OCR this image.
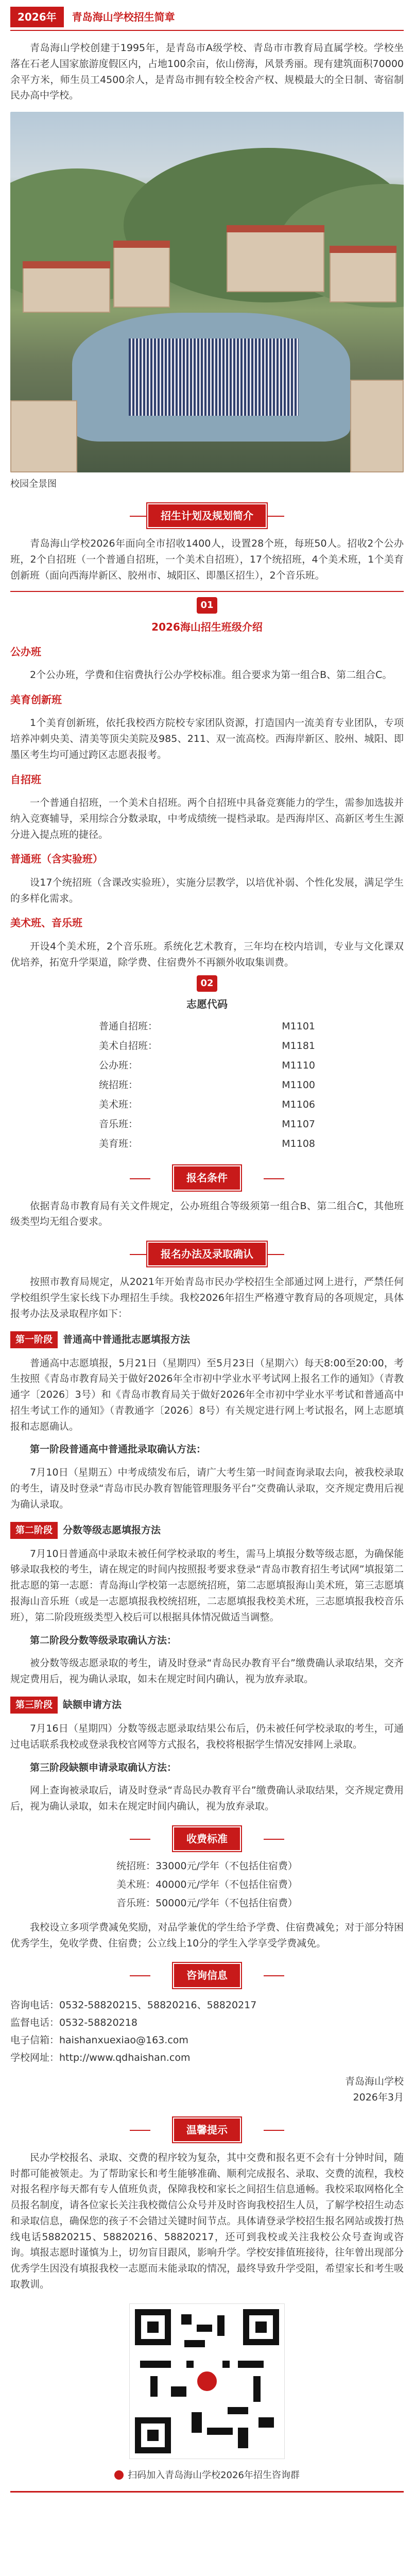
2026年	青岛海山学校招生简章

青岛海山学校创建于1995年，是青岛市A级学校、青岛市市教育局直属学校。学校坐落在石老人国家旅游度假区内，占地100余亩，依山傍海，风景秀丽。现有建筑面积70000余平方米，师生员工4500余人，是青岛市拥有较全校舍产权、规模最大的全日制、寄宿制民办高中学校。

校园全景图

招生计划及规划简介

青岛海山学校2026年面向全市招收1400人，设置28个班，每班50人。招收2个公办班，2个自招班（一个普通自招班，一个美术自招班），17个统招班，4个美术班，1个美育创新班（面向西海岸新区、胶州市、城阳区、即墨区招生），2个音乐班。

01

2026海山招生班级介绍

公办班

2个公办班，学费和住宿费执行公办学校标准。组合要求为第一组合B、第二组合C。

美育创新班

1个美育创新班，依托我校西方院校专家团队资源，打造国内一流美育专业团队，专项培养冲刺央美、清美等顶尖美院及985、211、双一流高校。西海岸新区、胶州、城阳、即墨区考生均可通过跨区志愿表报考。

自招班

一个普通自招班，一个美术自招班。两个自招班中具备竞赛能力的学生，需参加选拔并纳入竞赛辅导，采用综合分数录取，中考成绩统一提档录取。是西海岸区、高新区考生生源分进入提点班的捷径。

普通班（含实验班）

设17个统招班（含课改实验班），实施分层教学，以培优补弱、个性化发展，满足学生的多样化需求。

美术班、音乐班

开设4个美术班，2个音乐班。系统化艺术教育，三年均在校内培训，专业与文化课双优培养，拓宽升学渠道，除学费、住宿费外不再额外收取集训费。

02

志愿代码

普通自招班：	M1101
美术自招班：	M1181
公办班：	M1110
统招班：	M1100
美术班：	M1106
音乐班：	M1107
美育班：	M1108
报名条件

依据青岛市教育局有关文件规定，公办班组合等级须第一组合B、第二组合C，其他班级类型均无组合要求。

报名办法及录取确认

按照市教育局规定，从2021年开始青岛市民办学校招生全部通过网上进行，严禁任何学校组织学生家长线下办理招生手续。我校2026年招生严格遵守教育局的各项规定，具体报考办法及录取程序如下：

第一阶段	普通高中普通批志愿填报方法

普通高中志愿填报，5月21日（星期四）至5月23日（星期六）每天8:00至20:00，考生按照《青岛市教育局关于做好2026年全市初中学业水平考试网上报名工作的通知》（青教通字〔2026〕3号）和《青岛市教育局关于做好2026年全市初中学业水平考试和普通高中招生考试工作的通知》（青教通字〔2026〕8号）有关规定进行网上考试报名，网上志愿填报和志愿确认。

第一阶段普通高中普通批录取确认方法：

7月10日（星期五）中考成绩发布后，请广大考生第一时间查询录取去向，被我校录取的考生，请及时登录“青岛市民办教育智能管理服务平台”交费确认录取，交齐规定费用后视为确认录取。

第二阶段	分数等级志愿填报方法

7月10日普通高中录取未被任何学校录取的考生，需马上填报分数等级志愿，为确保能够录取我校的考生，请在规定的时间内按照报考要求登录“青岛市教育招生考试网”填报第二批志愿的第一志愿：青岛海山学校第一志愿统招班，第二志愿填报海山美术班，第三志愿填报海山音乐班（或是一志愿填报我校统招班，二志愿填报我校美术班，三志愿填报我校音乐班），第二阶段班级类型入校后可以根据具体情况做适当调整。

第二阶段分数等级录取确认方法：

被分数等级志愿录取的考生，请及时登录“青岛民办教育平台”缴费确认录取结果，交齐规定费用后，视为确认录取，如未在规定时间内确认，视为放弃录取。

第三阶段	缺额申请方法

7月16日（星期四）分数等级志愿录取结果公布后，仍未被任何学校录取的考生，可通过电话联系我校或登录我校官网等方式报名，我校将根据学生情况安排网上录取。

第三阶段缺额申请录取确认方法：

网上查询被录取后，请及时登录“青岛民办教育平台”缴费确认录取结果，交齐规定费用后，视为确认录取，如未在规定时间内确认，视为放弃录取。

收费标准
统招班：33000元/学年（不包括住宿费）
美术班：40000元/学年（不包括住宿费）
音乐班：50000元/学年（不包括住宿费）

我校设立多项学费减免奖励，对品学兼优的学生给予学费、住宿费减免；对于部分特困优秀学生，免收学费、住宿费；公立线上10分的学生入学享受学费减免。

咨询信息
咨询电话：0532-58820215、58820216、58820217
监督电话：0532-58820218
电子信箱：haishanxuexiao@163.com
学校网址：http://www.qdhaishan.com
青岛海山学校
2026年3月
温馨提示

民办学校报名、录取、交费的程序较为复杂，其中交费和报名更不会有十分钟时间，随时都可能被领走。为了帮助家长和考生能够准确、顺利完成报名、录取、交费的流程，我校对报名程序每天都有专人值班负责，保障我校和家长之间招生信息通畅。我校采取网格化全员报名制度，请各位家长关注我校微信公众号并及时咨询我校招生人员，了解学校招生动态和录取信息，确保您的孩子不会错过关键时间节点。具体请登录学校招生报名网站或拨打热线电话58820215、58820216、58820217，还可到我校或关注我校公众号查询或咨询。填报志愿时谨慎为上，切勿盲目跟风，影响升学。学校安排值班接待，往年曾出现部分优秀学生因没有填报我校一志愿而未能录取的情况，最终导致升学受阻，希望家长和考生吸取教训。

扫码加入青岛海山学校2026年招生咨询群
